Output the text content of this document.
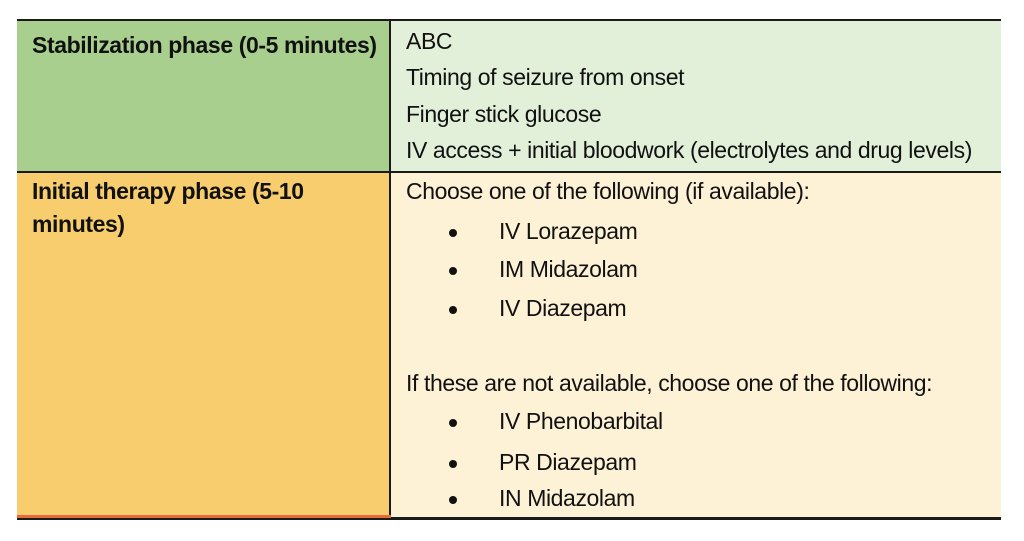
Stabilization phase (0-5 minutes) ABC
Timing of seizure from onset
Finger stick glucose
IV access + initial bloodwork (electrolytes and drug levels)
Initial therapy phase (5-10 minutes)
Choose one of the following (if available):
IV Lorazepam
IM Midazolam
IV Diazepam
If these are not available, choose one of the following:
IV Phenobarbital
PR Diazepam
IN Midazolam
